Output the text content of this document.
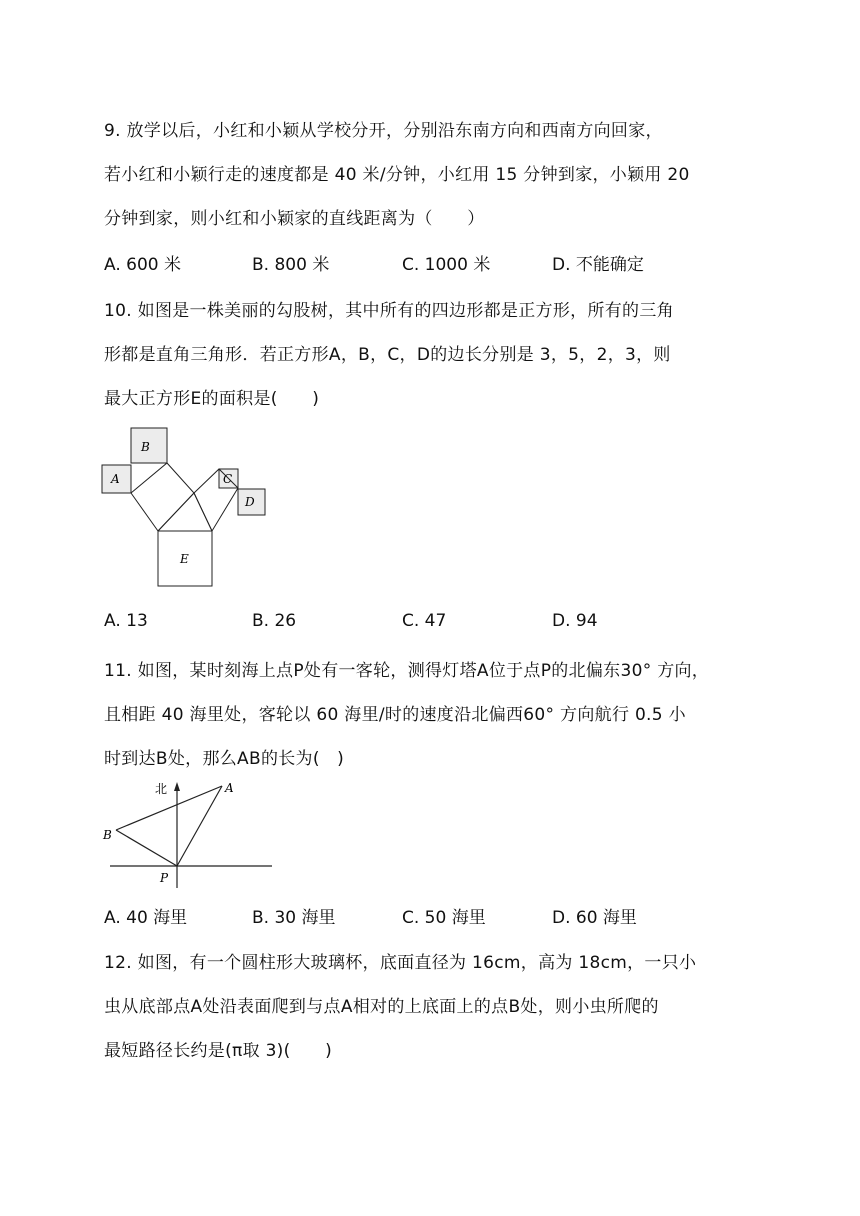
9. 放学以后，小红和小颖从学校分开，分别沿东南方向和西南方向回家，
若小红和小颖行走的速度都是 40 米/分钟，小红用 15 分钟到家，小颖用 20
分钟到家，则小红和小颖家的直线距离为（　　）
A. 600 米	B. 800 米	C. 1000 米	D. 不能确定
10. 如图是一株美丽的勾股树，其中所有的四边形都是正方形，所有的三角
形都是直角三角形．若正方形A，B，C，D的边长分别是 3，5，2，3，则
最大正方形E的面积是(　　)
B
A	C
D
E
A. 13	B. 26	C. 47	D. 94
11. 如图，某时刻海上点P处有一客轮，测得灯塔A位于点P的北偏东30° 方向，
且相距 40 海里处，客轮以 60 海里/时的速度沿北偏西60° 方向航行 0.5 小
时到达B处，那么AB的长为(　)
北	A
B
P
A. 40 海里	B. 30 海里	C. 50 海里	D. 60 海里
12. 如图，有一个圆柱形大玻璃杯，底面直径为 16cm，高为 18cm，一只小
虫从底部点A处沿表面爬到与点A相对的上底面上的点B处，则小虫所爬的
最短路径长约是(π取 3)(　　)
